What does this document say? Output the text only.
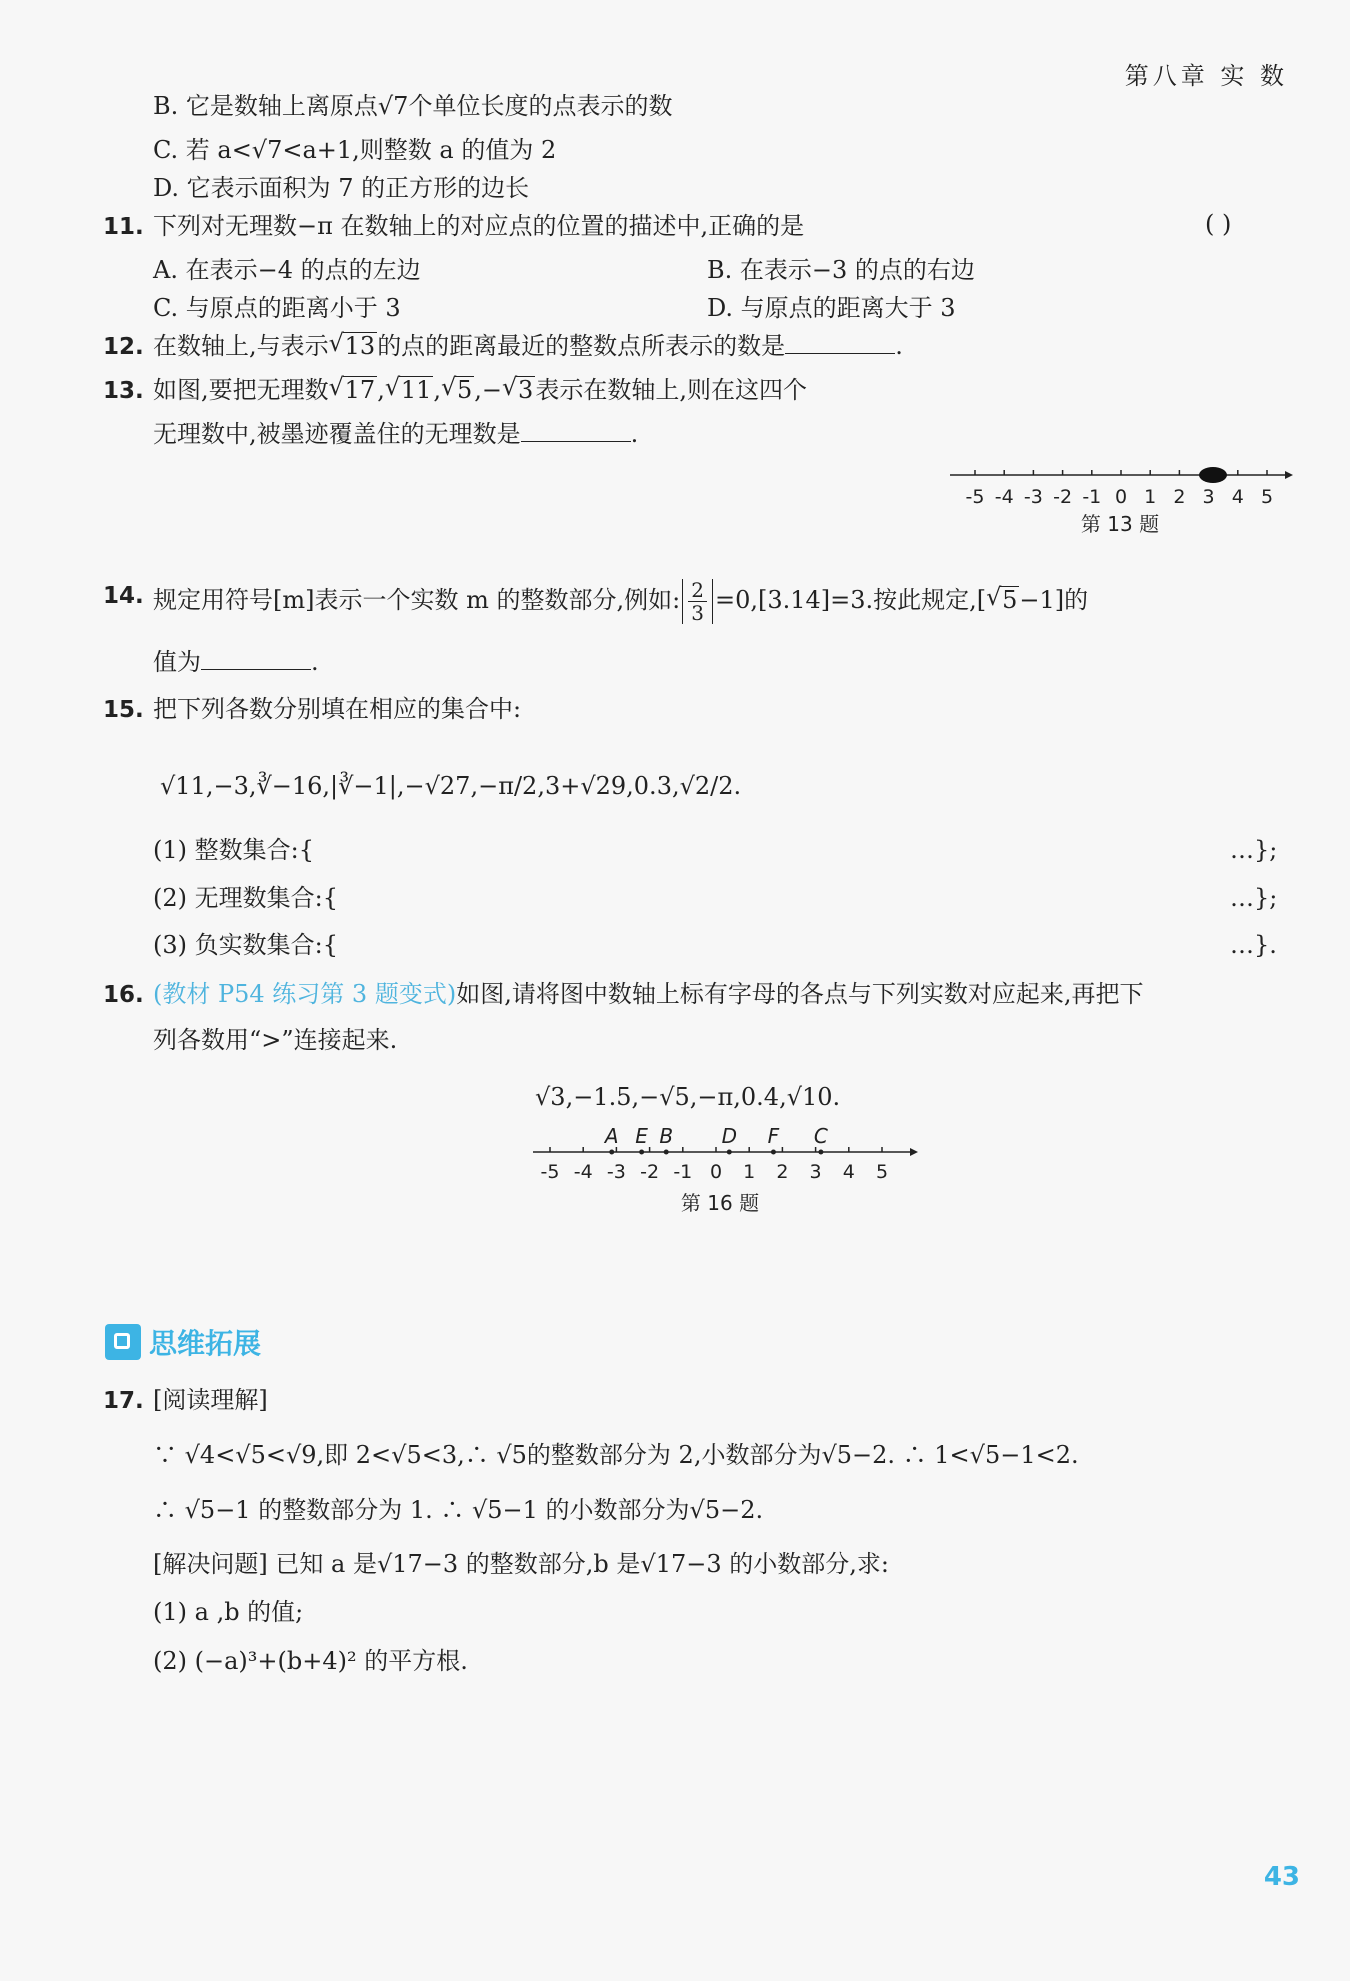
第八章 实 数
B. 它是数轴上离原点√7个单位长度的点表示的数
C. 若 a<√7<a+1,则整数 a 的值为 2
D. 它表示面积为 7 的正方形的边长
11. 下列对无理数−π 在数轴上的对应点的位置的描述中,正确的是	( )
A. 在表示−4 的点的左边	B. 在表示−3 的点的右边
C. 与原点的距离小于 3	D. 与原点的距离大于 3
12. 在数轴上,与表示 √ 13的点的距离最近的整数点所表示的数是	.
13. 如图,要把无理数 √ 17, √ 11, √ 5,− √ 3表示在数轴上,则在这四个
无理数中,被墨迹覆盖住的无理数是	.
-5 -4 -3 -2 -1 0 1 2 3 4 5
第 13 题
14. 规定用符号[m]表示一个实数 m 的整数部分,例如: $\frac{2}{3} =0,[3.14]=3$.按此规定,[ √ 5−1]的
值为	.
15. 把下列各数分别填在相应的集合中:
√11,−3,∛−16,|∛−1|,−√27,−π/2,3+√29,0.3,√2/2.
(1) 整数集合:{	…};
(2) 无理数集合:{	…};
(3) 负实数集合:{	…}.
16. (教材 P54 练习第 3 题变式)如图,请将图中数轴上标有字母的各点与下列实数对应起来,再把下
列各数用“>”连接起来.
√3,−1.5,−√5,−π,0.4,√10.
-5 -4 -3 -2 -1 0 1 2 3 4 5
A E B D F C
第 16 题
思维拓展
17. [阅读理解]
∵ √4<√5<√9,即 2<√5<3,∴ √5的整数部分为 2,小数部分为√5−2. ∴ 1<√5−1<2.
∴ √5−1 的整数部分为 1. ∴ √5−1 的小数部分为√5−2.
[解决问题] 已知 a 是√17−3 的整数部分,b 是√17−3 的小数部分,求:
(1) a ,b 的值;
(2) (−a)³+(b+4)² 的平方根.
43
